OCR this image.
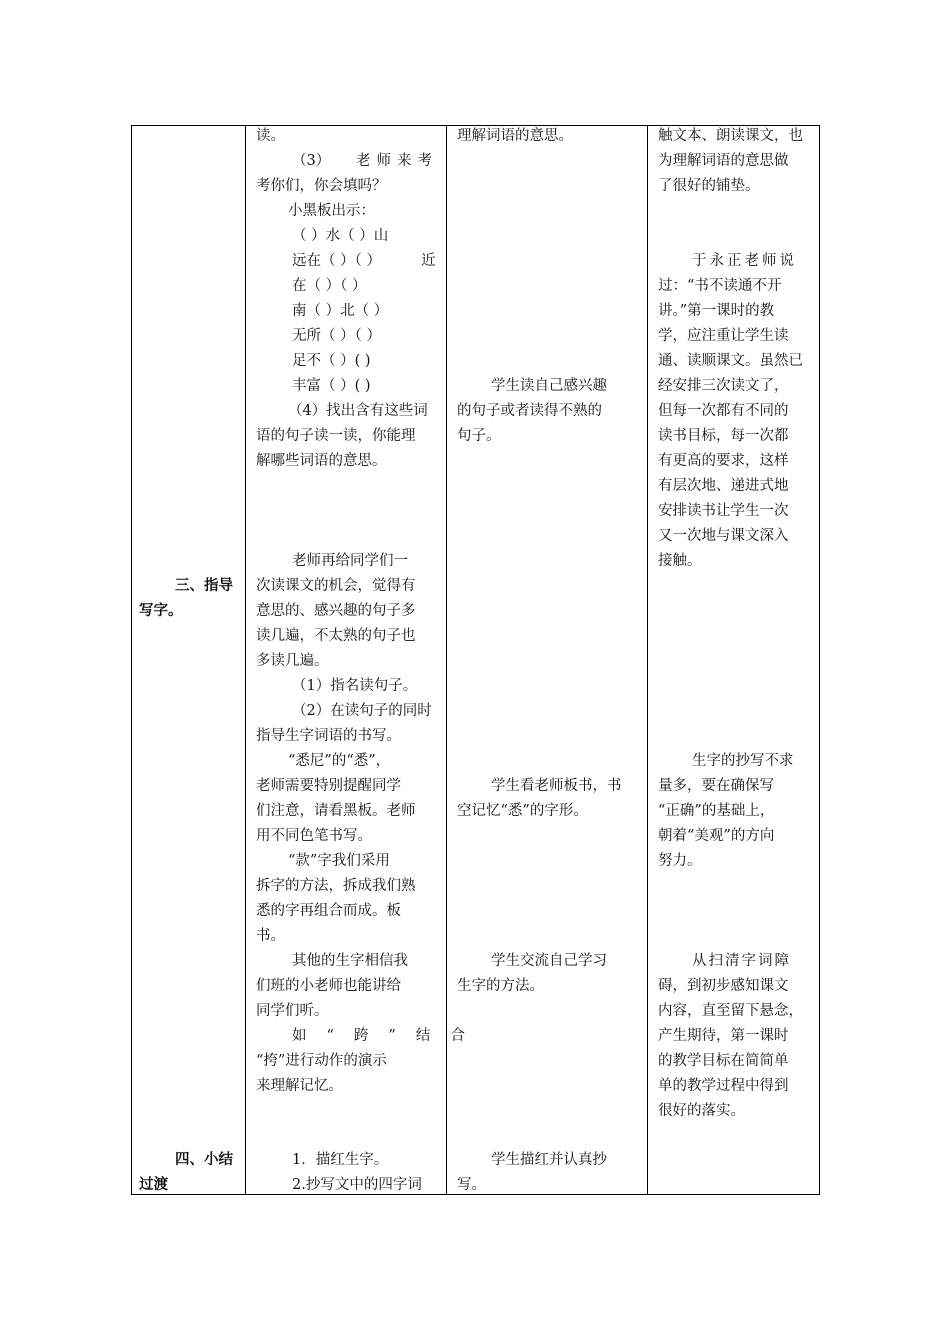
三、指导
写字。
四、小结
过渡
读。
（3） 老师来考
考你们，你会填吗？
小黑板出示：
（ ）水（ ）山
远在（ ）（ ）	近
在（ ）（ ）
南（ ）北（ ）
无所（ ）（ ）
足不（ ）( )
丰富（ ）( )
（4）找出含有这些词
语的句子读一读，你能理
解哪些词语的意思。
老师再给同学们一
次读课文的机会，觉得有
意思的、感兴趣的句子多
读几遍，不太熟的句子也
多读几遍。
（1）指名读句子。
（2）在读句子的同时
指导生字词语的书写。
“悉尼”的“悉”，
老师需要特别提醒同学
们注意，请看黑板。老师
用不同色笔书写。
“款”字我们采用
拆字的方法，拆成我们熟
悉的字再组合而成。板
书。
其他的生字相信我
们班的小老师也能讲给
同学们听。
如“跨”结合
“挎”进行动作的演示
来理解记忆。
1．描红生字。
2.抄写文中的四字词
理解词语的意思。
学生读自己感兴趣
的句子或者读得不熟的
句子。
学生看老师板书，书
空记忆“悉”的字形。
学生交流自己学习
生字的方法。
学生描红并认真抄
写。
触文本、朗读课文，也
为理解词语的意思做
了很好的铺垫。
于永正老师说
过：“书不读通不开
讲。”第一课时的教
学，应注重让学生读
通、读顺课文。虽然已
经安排三次读文了，
但每一次都有不同的
读书目标，每一次都
有更高的要求，这样
有层次地、递进式地
安排读书让学生一次
又一次地与课文深入
接触。
生字的抄写不求
量多，要在确保写
“正确”的基础上，
朝着“美观”的方向
努力。
从扫清字词障
碍，到初步感知课文
内容，直至留下悬念，
产生期待，第一课时
的教学目标在简简单
单的教学过程中得到
很好的落实。
